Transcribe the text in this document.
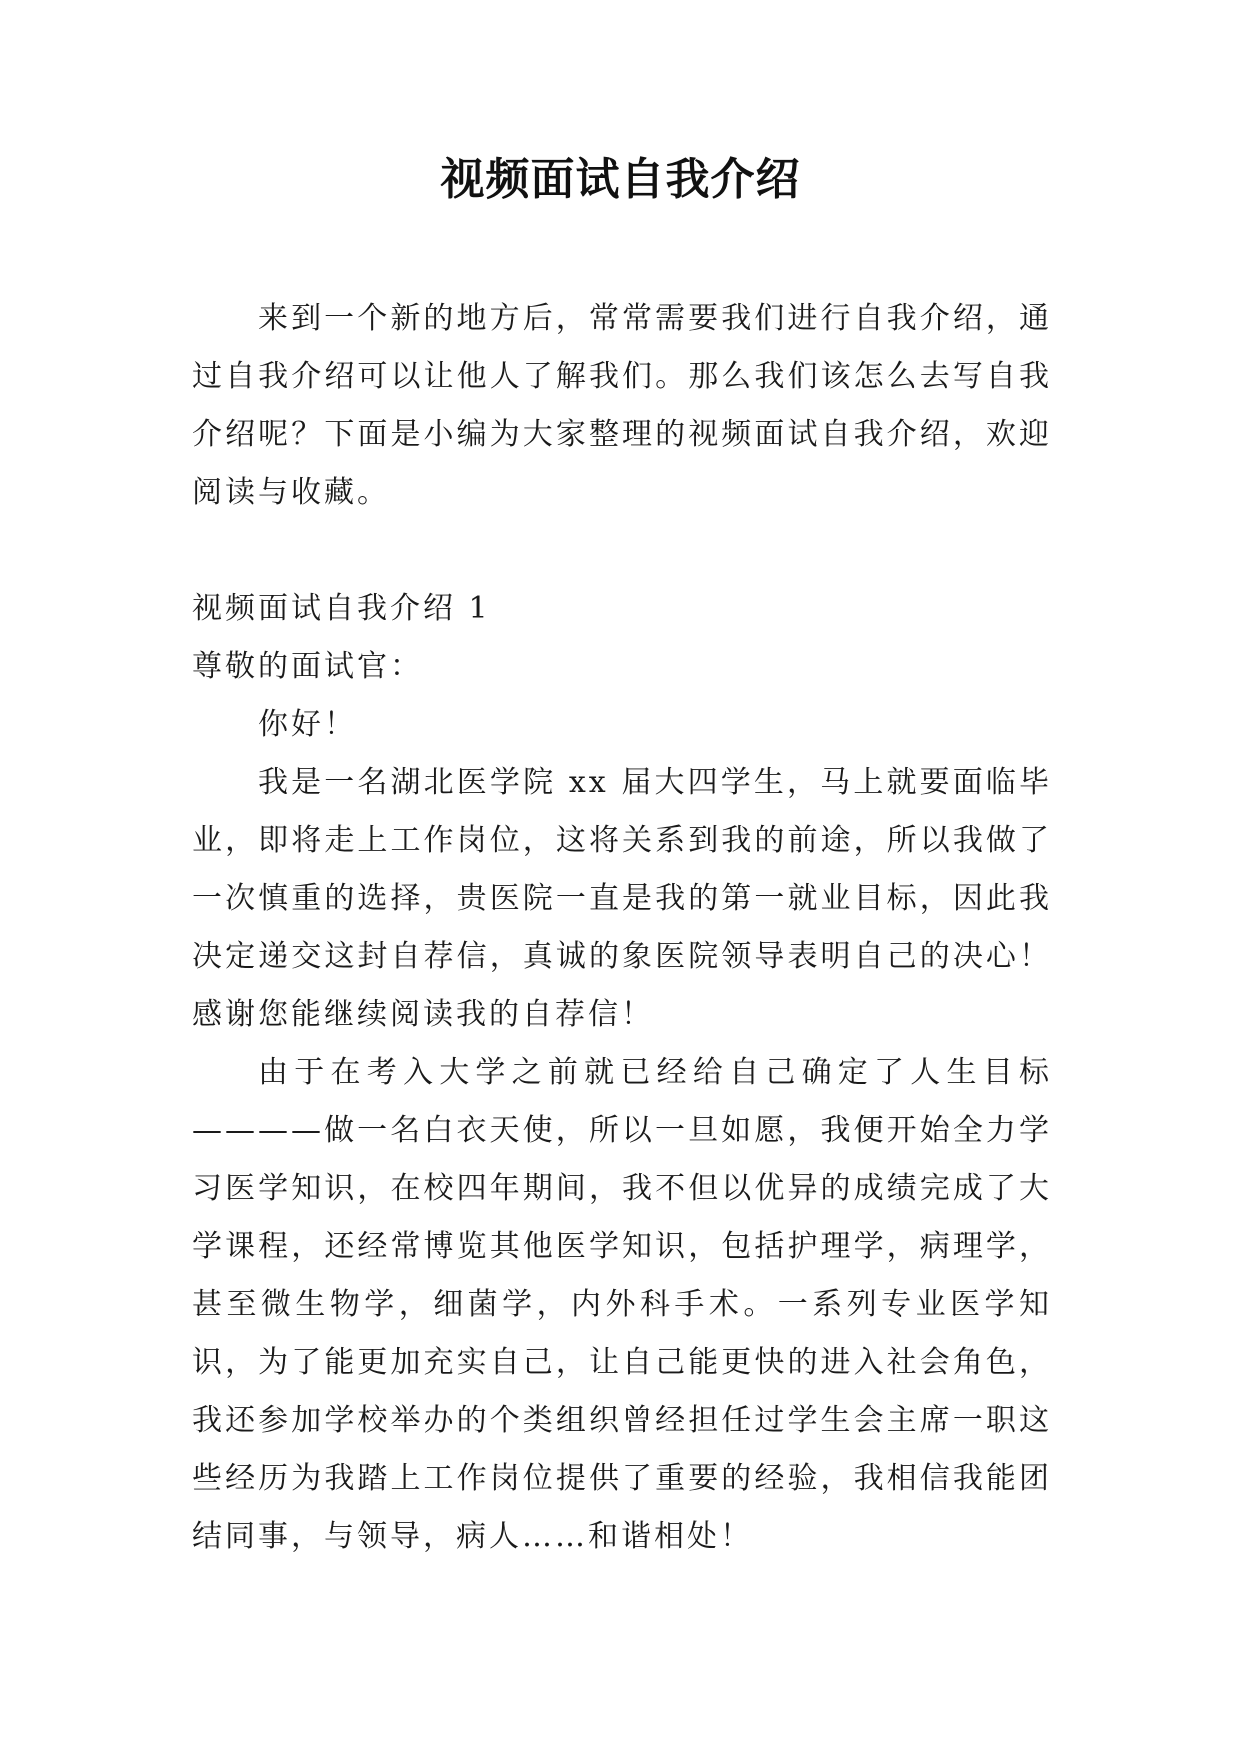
视频面试自我介绍

来到一个新的地方后，常常需要我们进行自我介绍，通过自我介绍可以让他人了解我们。那么我们该怎么去写自我介绍呢？下面是小编为大家整理的视频面试自我介绍，欢迎阅读与收藏。

视频面试自我介绍 1

尊敬的面试官：

你好！

我是一名湖北医学院 xx 届大四学生，马上就要面临毕业，即将走上工作岗位，这将关系到我的前途，所以我做了一次慎重的选择，贵医院一直是我的第一就业目标，因此我决定递交这封自荐信，真诚的象医院领导表明自己的决心！感谢您能继续阅读我的自荐信！

由于在考入大学之前就已经给自己确定了人生目标————做一名白衣天使，所以一旦如愿，我便开始全力学习医学知识，在校四年期间，我不但以优异的成绩完成了大学课程，还经常博览其他医学知识，包括护理学，病理学，甚至微生物学，细菌学，内外科手术。一系列专业医学知识，为了能更加充实自己，让自己能更快的进入社会角色，我还参加学校举办的个类组织曾经担任过学生会主席一职这些经历为我踏上工作岗位提供了重要的经验，我相信我能团结同事，与领导，病人……和谐相处！
